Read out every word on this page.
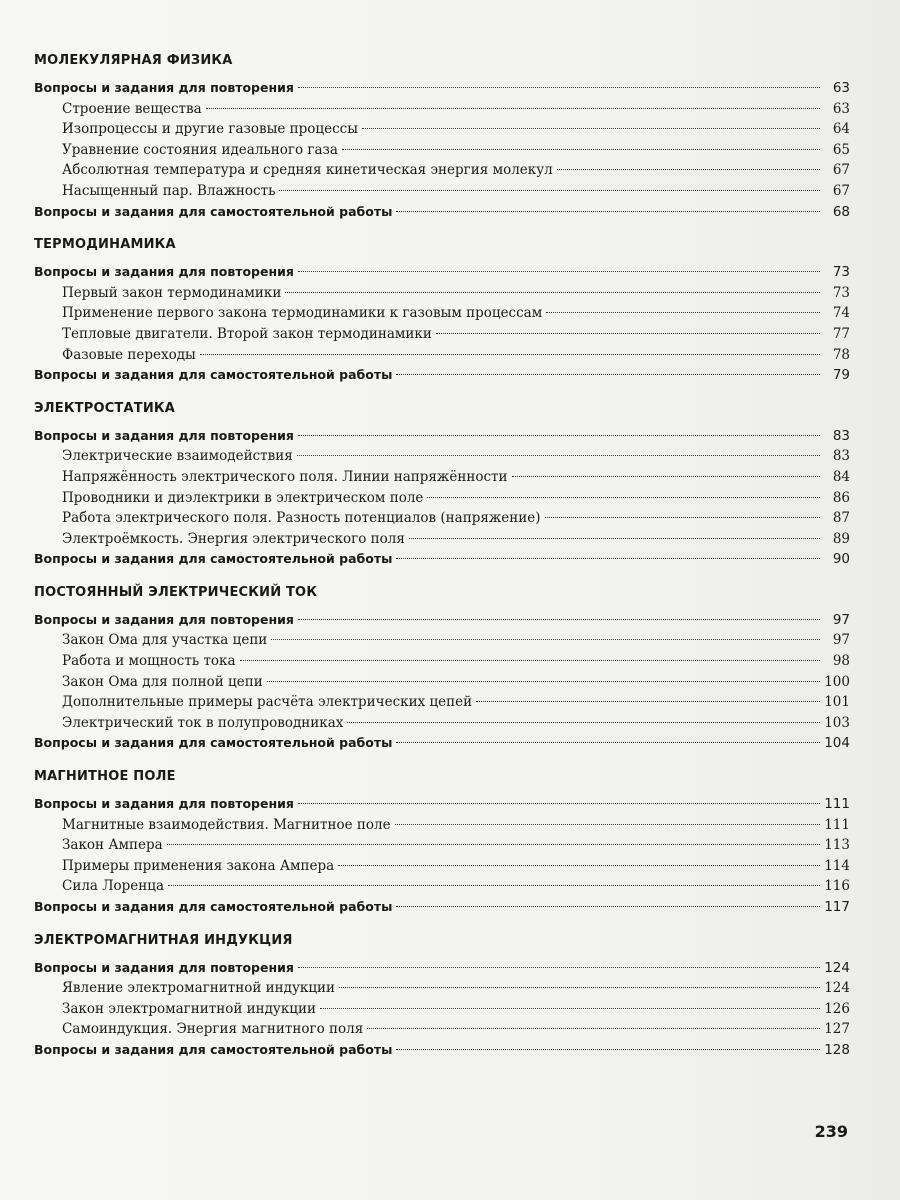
МОЛЕКУЛЯРНАЯ ФИЗИКА
Вопросы и задания для повторения	63
Строение вещества	63
Изопроцессы и другие газовые процессы	64
Уравнение состояния идеального газа	65
Абсолютная температура и средняя кинетическая энергия молекул	67
Насыщенный пар. Влажность	67
Вопросы и задания для самостоятельной работы	68
ТЕРМОДИНАМИКА
Вопросы и задания для повторения	73
Первый закон термодинамики	73
Применение первого закона термодинамики к газовым процессам	74
Тепловые двигатели. Второй закон термодинамики	77
Фазовые переходы	78
Вопросы и задания для самостоятельной работы	79
ЭЛЕКТРОСТАТИКА
Вопросы и задания для повторения	83
Электрические взаимодействия	83
Напряжённость электрического поля. Линии напряжённости	84
Проводники и диэлектрики в электрическом поле	86
Работа электрического поля. Разность потенциалов (напряжение)	87
Электроёмкость. Энергия электрического поля	89
Вопросы и задания для самостоятельной работы	90
ПОСТОЯННЫЙ ЭЛЕКТРИЧЕСКИЙ ТОК
Вопросы и задания для повторения	97
Закон Ома для участка цепи	97
Работа и мощность тока	98
Закон Ома для полной цепи	100
Дополнительные примеры расчёта электрических цепей	101
Электрический ток в полупроводниках	103
Вопросы и задания для самостоятельной работы	104
МАГНИТНОЕ ПОЛЕ
Вопросы и задания для повторения	111
Магнитные взаимодействия. Магнитное поле	111
Закон Ампера	113
Примеры применения закона Ампера	114
Сила Лоренца	116
Вопросы и задания для самостоятельной работы	117
ЭЛЕКТРОМАГНИТНАЯ ИНДУКЦИЯ
Вопросы и задания для повторения	124
Явление электромагнитной индукции	124
Закон электромагнитной индукции	126
Самоиндукция. Энергия магнитного поля	127
Вопросы и задания для самостоятельной работы	128
239
